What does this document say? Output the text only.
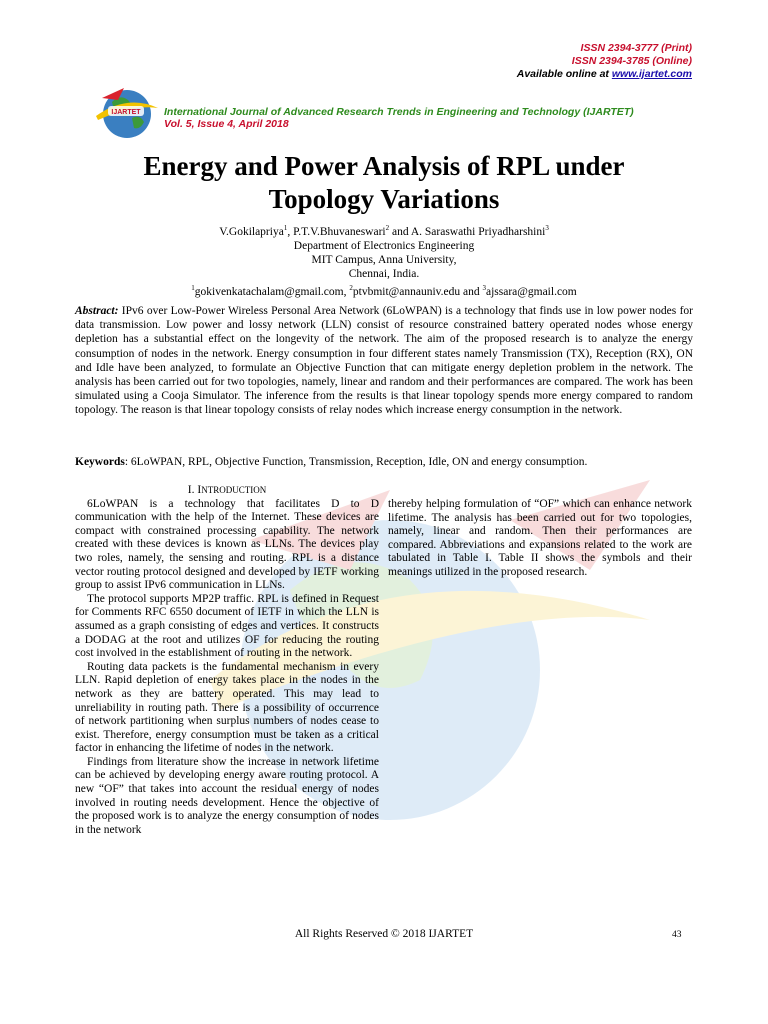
ISSN 2394-3777 (Print)
ISSN 2394-3785 (Online)
Available online at www.ijartet.com
IJARTET International Journal of Advanced Research Trends in Engineering and Technology (IJARTET)
Vol. 5, Issue 4, April 2018
Energy and Power Analysis of RPL under
Topology Variations
V.Gokilapriya$^1$, P.T.V.Bhuvaneswari$^2$ and A. Saraswathi Priyadharshini$^3$
Department of Electronics Engineering
MIT Campus, Anna University,
Chennai, India.
$^1$gokivenkatachalam@gmail.com, $^2$ptvbmit@annauniv.edu and $^3$ajssara@gmail.com
Abstract: IPv6 over Low-Power Wireless Personal Area Network (6LoWPAN) is a technology that finds use in low power nodes for data transmission. Low power and lossy network (LLN) consist of resource constrained battery operated nodes whose energy depletion has a substantial effect on the longevity of the network. The aim of the proposed research is to analyze the energy consumption of nodes in the network. Energy consumption in four different states namely Transmission (TX), Reception (RX), ON and Idle have been analyzed, to formulate an Objective Function that can mitigate energy depletion problem in the network. The analysis has been carried out for two topologies, namely, linear and random and their performances are compared. The work has been simulated using a Cooja Simulator. The inference from the results is that linear topology spends more energy compared to random topology. The reason is that linear topology consists of relay nodes which increase energy consumption in the network.
Keywords: 6LoWPAN, RPL, Objective Function, Transmission, Reception, Idle, ON and energy consumption.
I. INTRODUCTION

6LoWPAN is a technology that facilitates D to D communication with the help of the Internet. These devices are compact with constrained processing capability. The network created with these devices is known as LLNs. The devices play two roles, namely, the sensing and routing. RPL is a distance vector routing protocol designed and developed by IETF working group to assist IPv6 communication in LLNs.

The protocol supports MP2P traffic. RPL is defined in Request for Comments RFC 6550 document of IETF in which the LLN is assumed as a graph consisting of edges and vertices. It constructs a DODAG at the root and utilizes OF for reducing the routing cost involved in the establishment of routing in the network.

Routing data packets is the fundamental mechanism in every LLN. Rapid depletion of energy takes place in the nodes in the network as they are battery operated. This may lead to unreliability in routing path. There is a possibility of occurrence of network partitioning when surplus numbers of nodes cease to exist. Therefore, energy consumption must be taken as a critical factor in enhancing the lifetime of nodes in the network.

Findings from literature show the increase in network lifetime can be achieved by developing energy aware routing protocol. A new “OF” that takes into account the residual energy of nodes involved in routing needs development. Hence the objective of the proposed work is to analyze the energy consumption of nodes in the network

thereby helping formulation of “OF” which can enhance network lifetime. The analysis has been carried out for two topologies, namely, linear and random. Then their performances are compared. Abbreviations and expansions related to the work are tabulated in Table I. Table II shows the symbols and their meanings utilized in the proposed research.

All Rights Reserved © 2018 IJARTET	43
